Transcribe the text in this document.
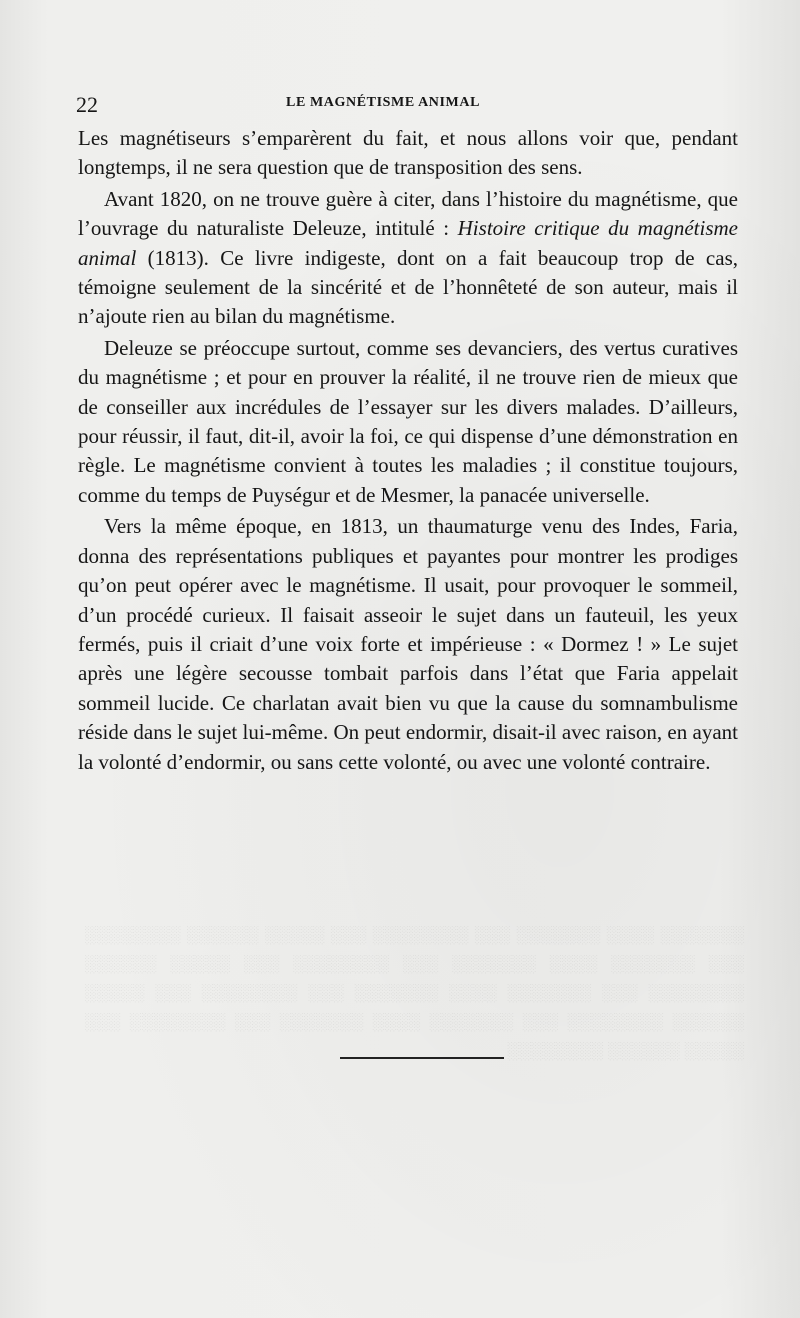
░░░░░░░ ░░░░ ░░░░░░░ ░░░ ░░░░░░░░ ░░░ ░░░░░ ░░░░░░ ░░░░░░░░ ░░░ ░░░░░░░ ░░░░ ░░░░░░░ ░░░ ░░░░░░░░ ░░░ ░░░░░ ░░░░░░ ░░░░░░░░ ░░░ ░░░░░░░ ░░░░ ░░░░░░░ ░░░ ░░░░░░░░ ░░░ ░░░░░ ░░░░░░ ░░░░░░░░ ░░░ ░░░░░░░ ░░░░ ░░░░░░░ ░░░ ░░░░░░░░ ░░░ ░░░░░ ░░░░░░ ░░░░░░░░
22	LE MAGNÉTISME ANIMAL

Les magnétiseurs s’emparèrent du fait, et nous allons voir que, pendant longtemps, il ne sera question que de transposition des sens.

Avant 1820, on ne trouve guère à citer, dans l’histoire du magnétisme, que l’ouvrage du naturaliste Deleuze, intitulé : Histoire critique du magnétisme animal (1813). Ce livre indigeste, dont on a fait beaucoup trop de cas, témoigne seulement de la sincérité et de l’honnêteté de son auteur, mais il n’ajoute rien au bilan du magnétisme.

Deleuze se préoccupe surtout, comme ses devanciers, des vertus curatives du magnétisme ; et pour en prouver la réalité, il ne trouve rien de mieux que de conseiller aux incrédules de l’essayer sur les divers malades. D’ailleurs, pour réussir, il faut, dit-il, avoir la foi, ce qui dispense d’une démonstration en règle. Le magnétisme convient à toutes les maladies ; il constitue toujours, comme du temps de Puységur et de Mesmer, la panacée universelle.

Vers la même époque, en 1813, un thaumaturge venu des Indes, Faria, donna des représentations publiques et payantes pour montrer les prodiges qu’on peut opérer avec le magnétisme. Il usait, pour provoquer le sommeil, d’un procédé curieux. Il faisait asseoir le sujet dans un fauteuil, les yeux fermés, puis il criait d’une voix forte et impérieuse : « Dormez ! » Le sujet après une légère secousse tombait parfois dans l’état que Faria appelait sommeil lucide. Ce charlatan avait bien vu que la cause du somnambulisme réside dans le sujet lui-même. On peut endormir, disait-il avec raison, en ayant la volonté d’endormir, ou sans cette volonté, ou avec une volonté contraire.
